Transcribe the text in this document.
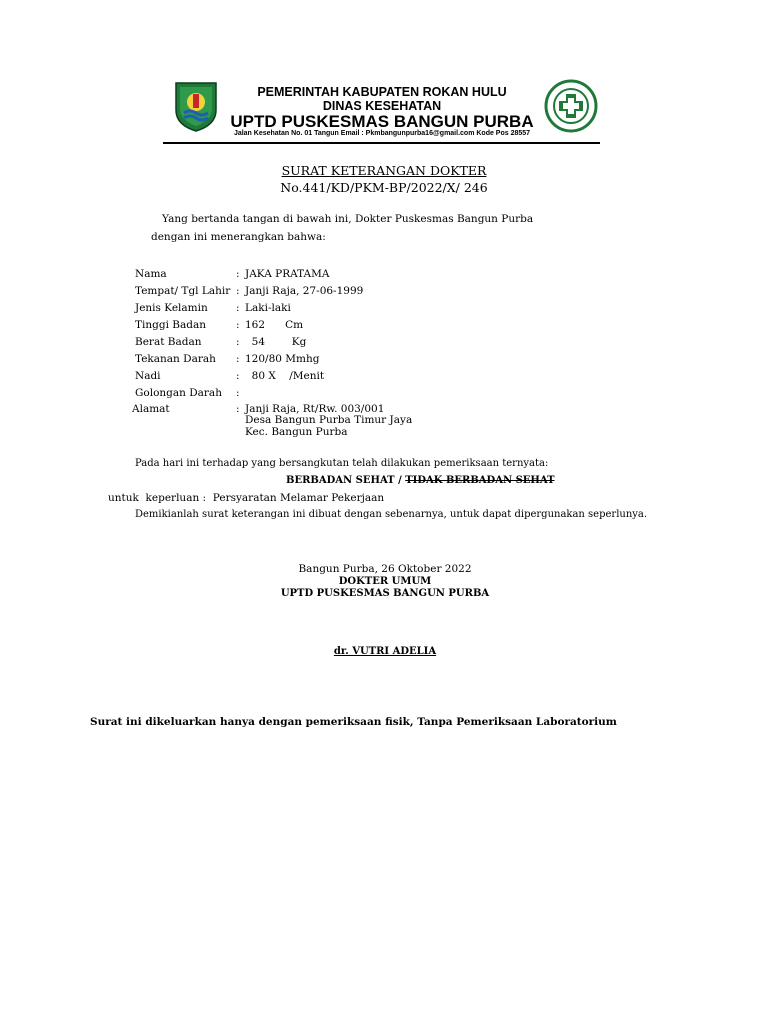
PEMERINTAH KABUPATEN ROKAN HULU
DINAS KESEHATAN
UPTD PUSKESMAS BANGUN PURBA
Jalan Kesehatan No. 01 Tangun Email : Pkmbangunpurba16@gmail.com Kode Pos 28557
SURAT KETERANGAN DOKTER
No.441/KD/PKM-BP/2022/X/ 246
Yang bertanda tangan di bawah ini, Dokter Puskesmas Bangun Purba
dengan ini menerangkan bahwa:
Nama	: JAKA PRATAMA
Tempat/ Tgl Lahir : Janji Raja, 27-06-1999
Jenis Kelamin	: Laki-laki
Tinggi Badan	: 162      Cm
Berat Badan	: 54        Kg
Tekanan Darah : 120/80 Mmhg
Nadi	: 80 X    /Menit
Golongan Darah :
Alamat	: Janji Raja, Rt/Rw. 003/001
Desa Bangun Purba Timur Jaya
Kec. Bangun Purba
Pada hari ini terhadap yang bersangkutan telah dilakukan pemeriksaan ternyata:
BERBADAN SEHAT / TIDAK BERBADAN SEHAT
untuk  keperluan :  Persyaratan Melamar Pekerjaan
Demikianlah surat keterangan ini dibuat dengan sebenarnya, untuk dapat dipergunakan seperlunya.
Bangun Purba, 26 Oktober 2022
DOKTER UMUM
UPTD PUSKESMAS BANGUN PURBA
dr. VUTRI ADELIA
Surat ini dikeluarkan hanya dengan pemeriksaan fisik, Tanpa Pemeriksaan Laboratorium
